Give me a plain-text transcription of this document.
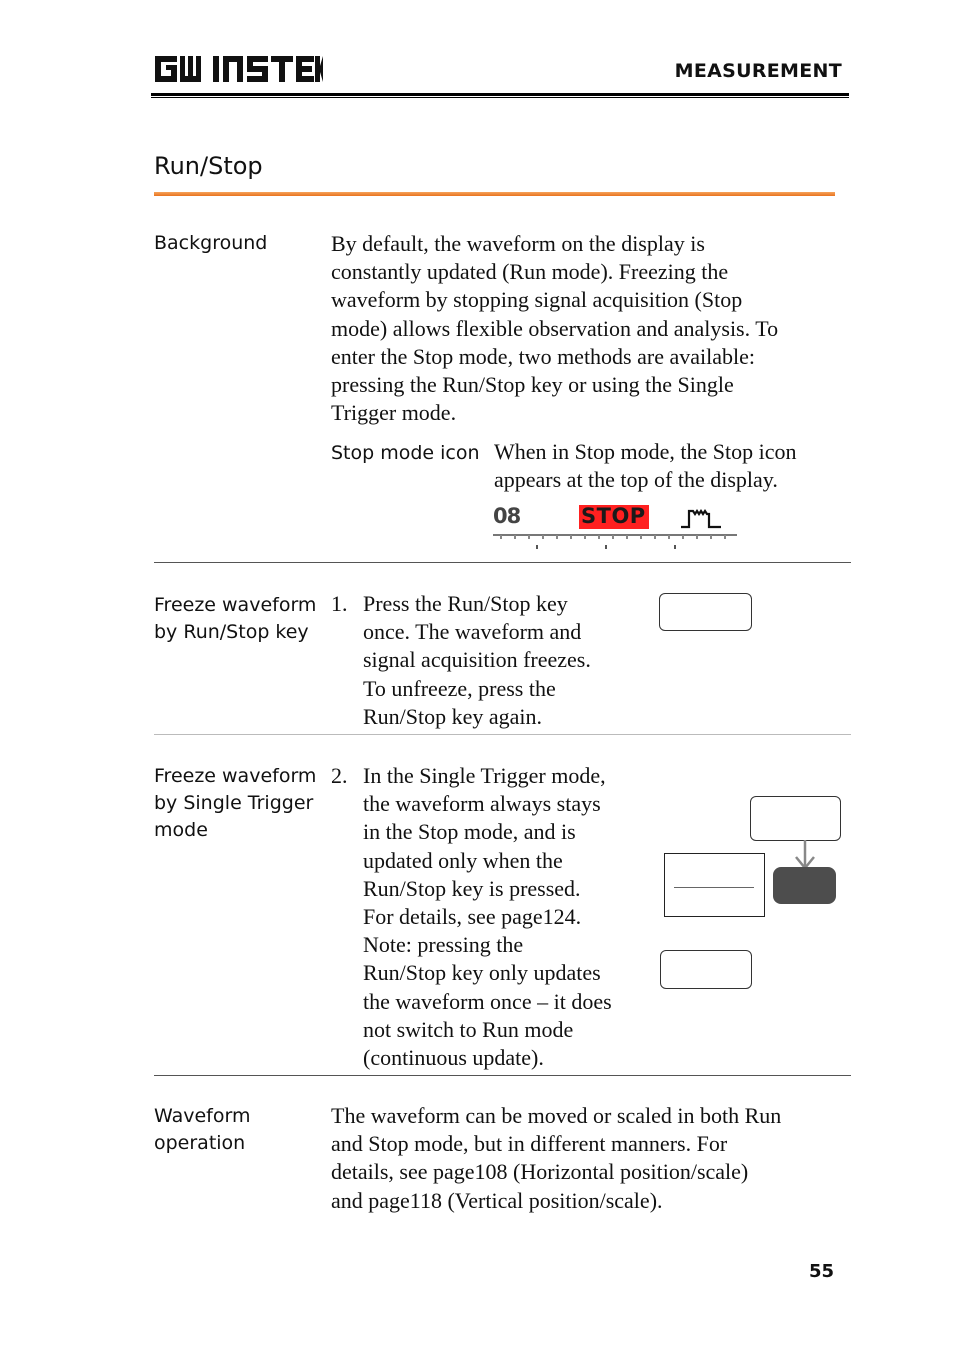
MEASUREMENT
Run/Stop
Background	By default, the waveform on the display is
constantly updated (Run mode). Freezing the
waveform by stopping signal acquisition (Stop
mode) allows flexible observation and analysis. To
enter the Stop mode, two methods are available:
pressing the Run/Stop key or using the Single
Trigger mode.
Stop mode icon When in Stop mode, the Stop icon
appears at the top of the display.
08	STOP
Freeze waveform
by Run/Stop key
1. Press the Run/Stop key
once. The waveform and
signal acquisition freezes.
To unfreeze, press the
Run/Stop key again.
Freeze waveform
by Single Trigger
mode
2. In the Single Trigger mode,
the waveform always stays
in the Stop mode, and is
updated only when the
Run/Stop key is pressed.
For details, see page124.
Note: pressing the
Run/Stop key only updates
the waveform once – it does
not switch to Run mode
(continuous update).
Waveform
operation
The waveform can be moved or scaled in both Run
and Stop mode, but in different manners. For
details, see page108 (Horizontal position/scale)
and page118 (Vertical position/scale).
55
